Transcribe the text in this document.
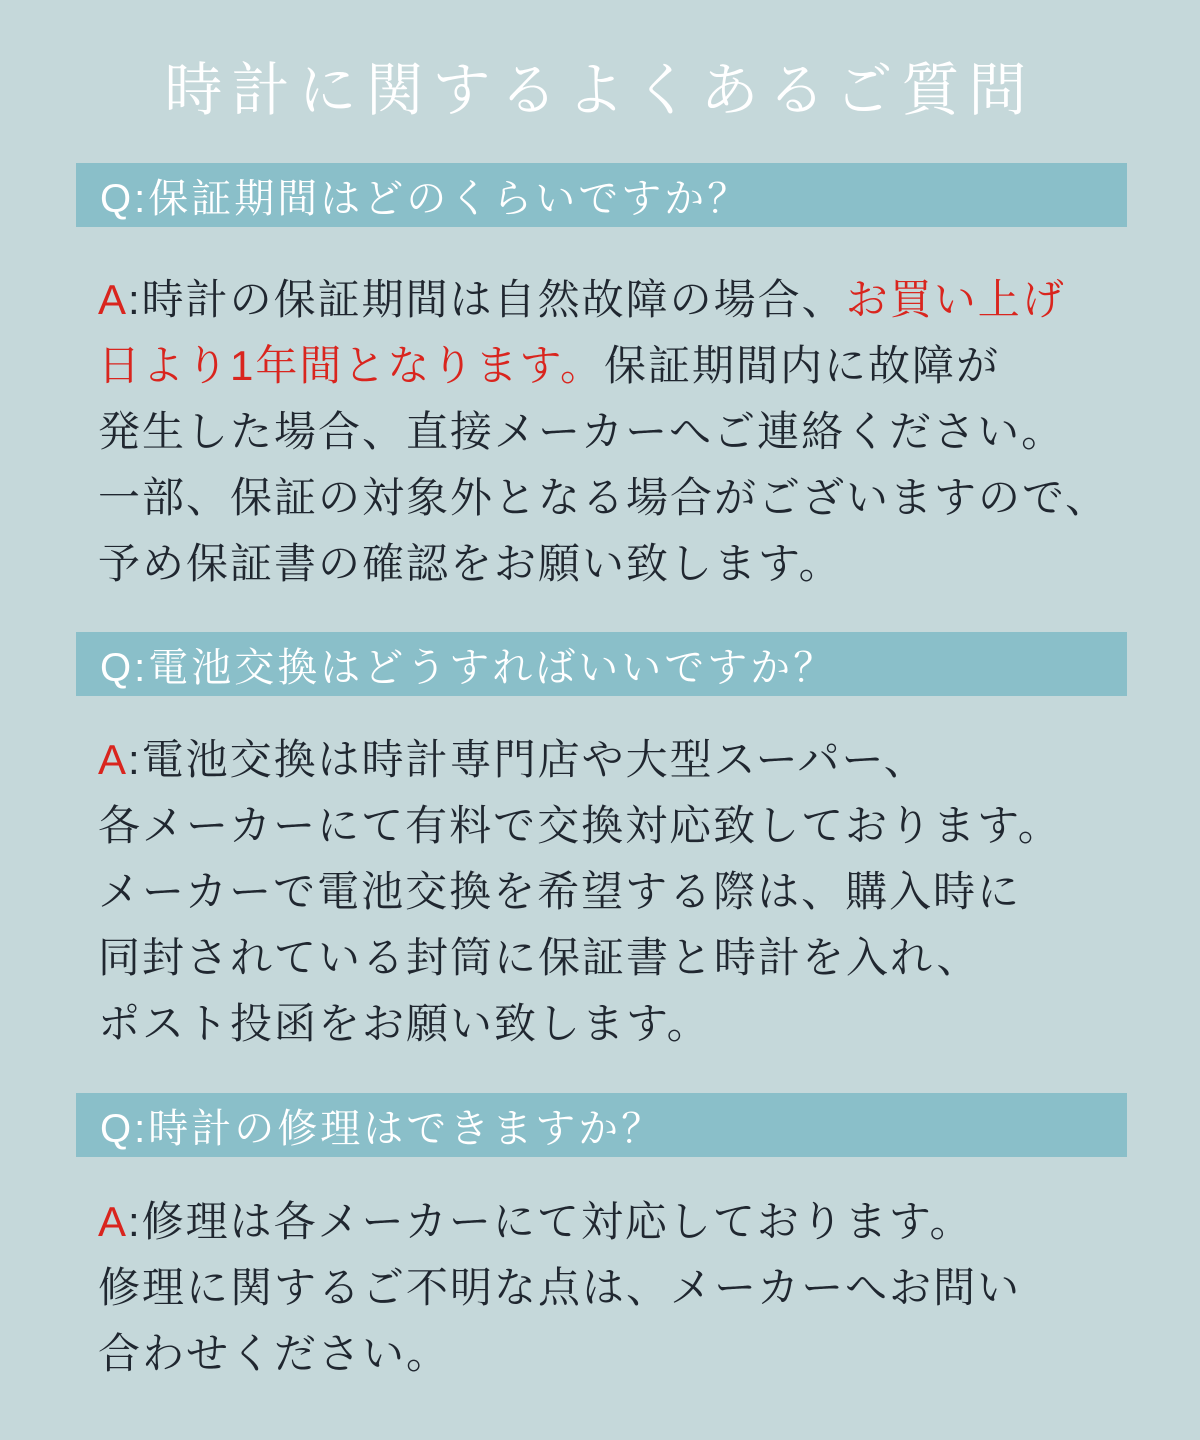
時計に関するよくあるご質問
Q:保証期間はどのくらいですか？
A:時計の保証期間は自然故障の場合、お買い上げ
日より1年間となります。保証期間内に故障が
発生した場合、直接メーカーへご連絡ください。
一部、保証の対象外となる場合がございますので、
予め保証書の確認をお願い致します。
Q:電池交換はどうすればいいですか？
A:電池交換は時計専門店や大型スーパー、
各メーカーにて有料で交換対応致しております。
メーカーで電池交換を希望する際は、購入時に
同封されている封筒に保証書と時計を入れ、
ポスト投函をお願い致します。
Q:時計の修理はできますか？
A:修理は各メーカーにて対応しております。
修理に関するご不明な点は、メーカーへお問い
合わせください。
